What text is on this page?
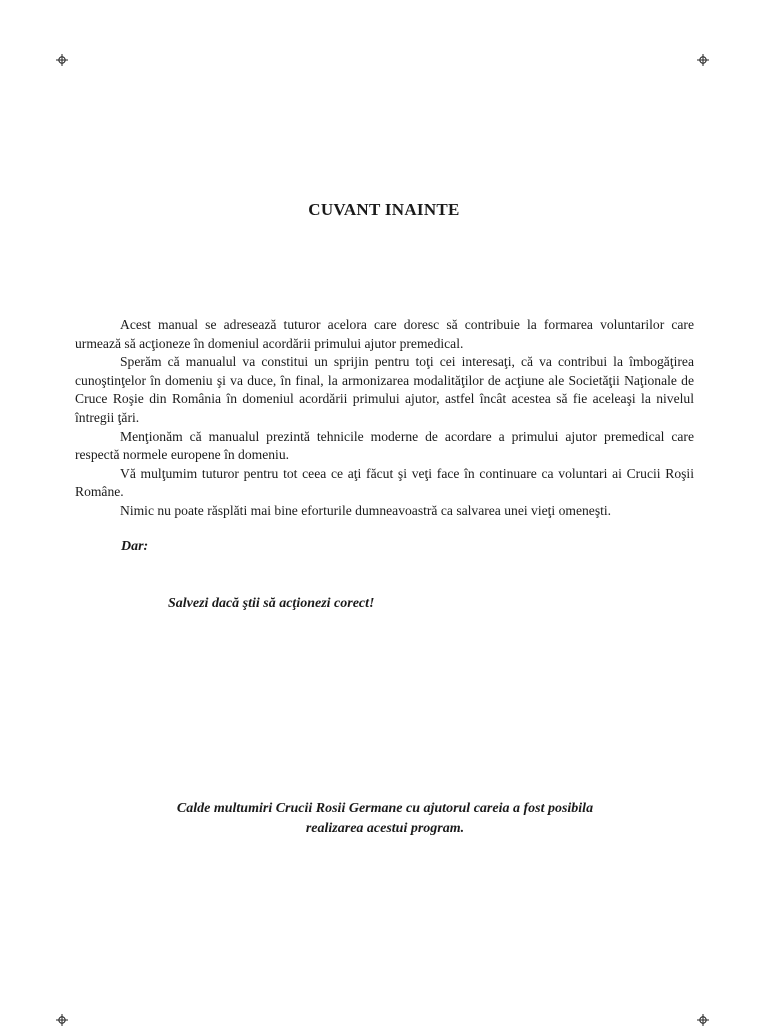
CUVANT INAINTE

Acest manual se adresează tuturor acelora care doresc să contribuie la formarea voluntarilor care urmează să acţioneze în domeniul acordării primului ajutor premedical.

Sperăm că manualul va constitui un sprijin pentru toţi cei interesaţi, că va contribui la îmbogăţirea cunoştinţelor în domeniu şi va duce, în final, la armonizarea modalităţilor de acţiune ale Societăţii Naţionale de Cruce Roşie din România în domeniul acordării primului ajutor, astfel încât acestea să fie aceleaşi la nivelul întregii ţări.

Menţionăm că manualul prezintă tehnicile moderne de acordare a primului ajutor premedical care respectă normele europene în domeniu.

Vă mulţumim tuturor pentru tot ceea ce aţi făcut şi veţi face în continuare ca voluntari ai Crucii Roşii Române.

Nimic nu poate răsplăti mai bine eforturile dumneavoastră ca salvarea unei vieţi omeneşti.

Dar:
Salvezi dacă ştii să acţionezi corect!
Calde multumiri Crucii Rosii Germane cu ajutorul careia a fost posibila
realizarea acestui program.
